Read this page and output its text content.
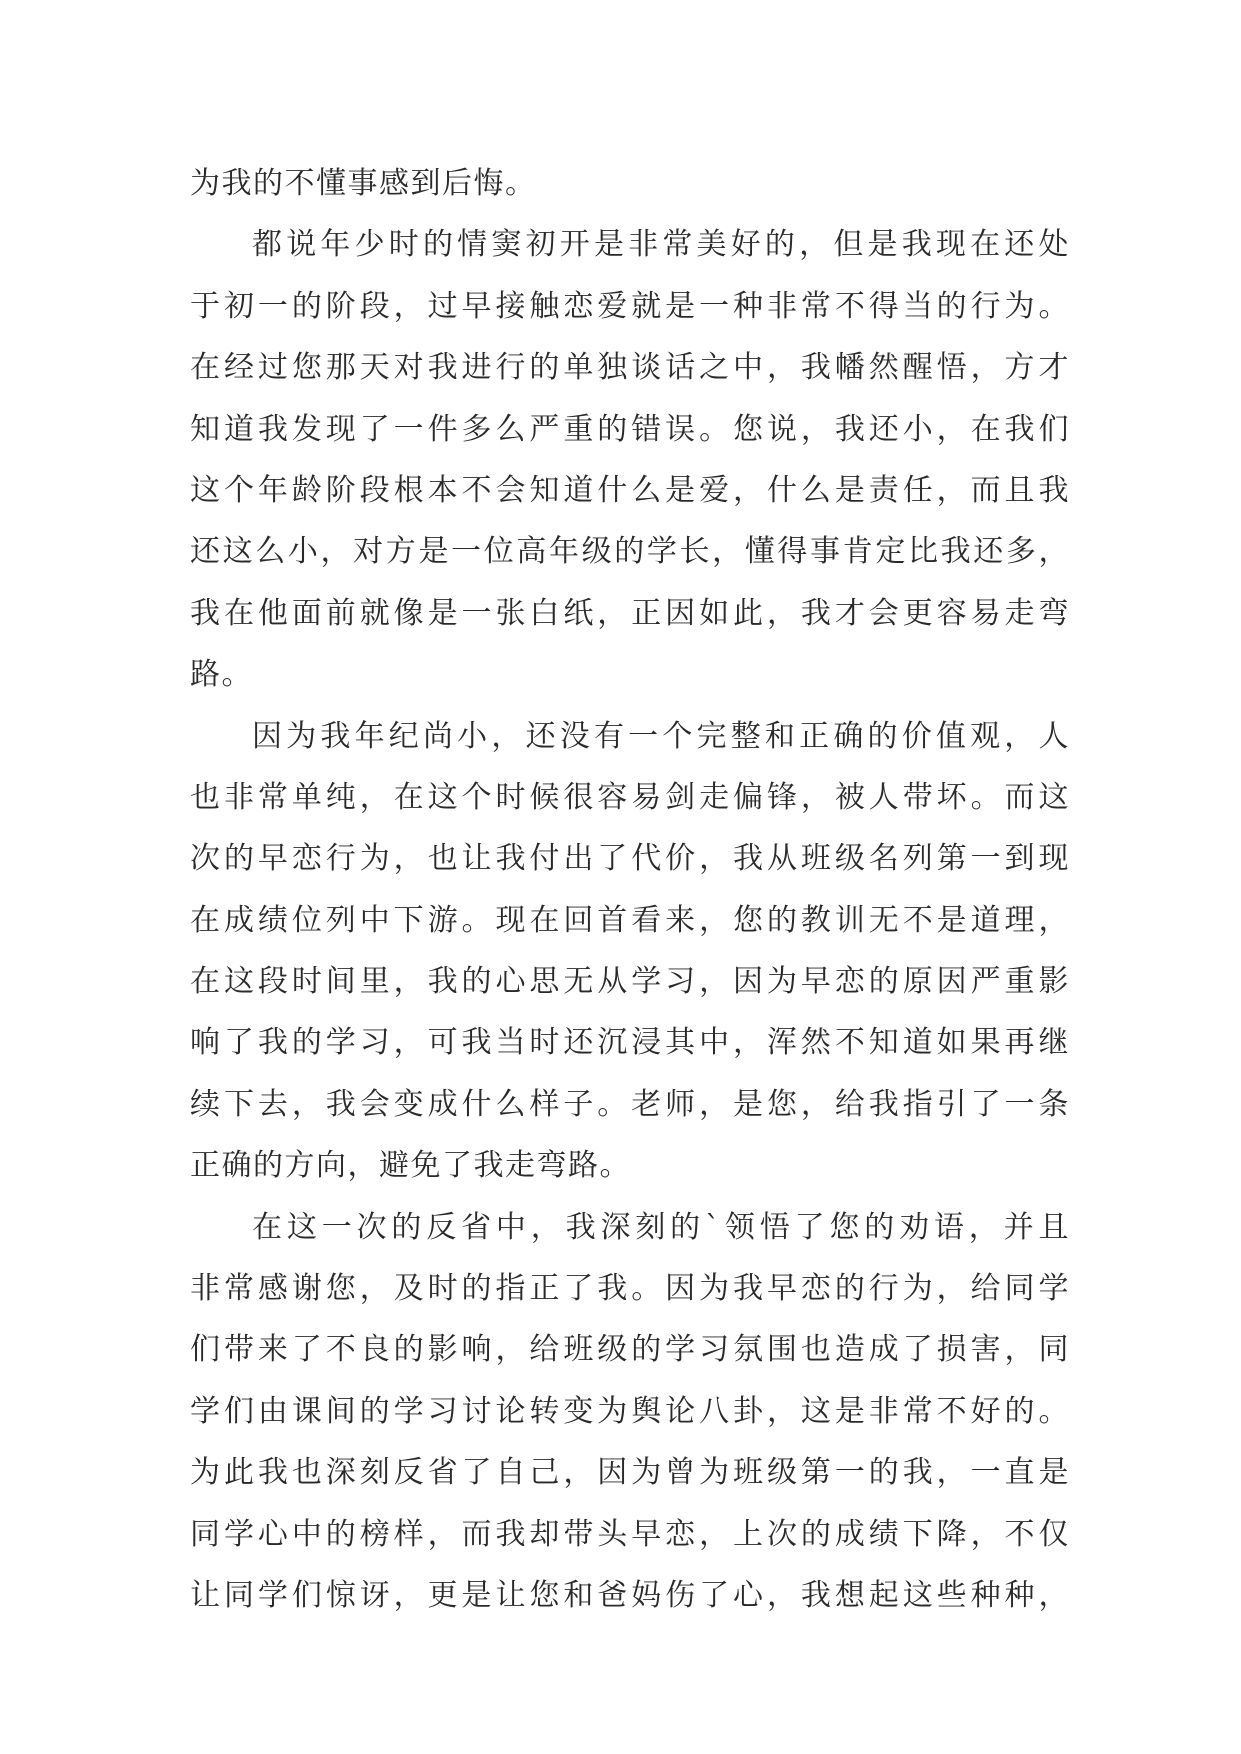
为我的不懂事感到后悔。
都说年少时的情窦初开是非常美好的，但是我现在还处
于初一的阶段，过早接触恋爱就是一种非常不得当的行为。
在经过您那天对我进行的单独谈话之中，我幡然醒悟，方才
知道我发现了一件多么严重的错误。您说，我还小，在我们
这个年龄阶段根本不会知道什么是爱，什么是责任，而且我
还这么小，对方是一位高年级的学长，懂得事肯定比我还多，
我在他面前就像是一张白纸，正因如此，我才会更容易走弯
路。
因为我年纪尚小，还没有一个完整和正确的价值观，人
也非常单纯，在这个时候很容易剑走偏锋，被人带坏。而这
次的早恋行为，也让我付出了代价，我从班级名列第一到现
在成绩位列中下游。现在回首看来，您的教训无不是道理，
在这段时间里，我的心思无从学习，因为早恋的原因严重影
响了我的学习，可我当时还沉浸其中，浑然不知道如果再继
续下去，我会变成什么样子。老师，是您，给我指引了一条
正确的方向，避免了我走弯路。
在这一次的反省中，我深刻的`领悟了您的劝语，并且
非常感谢您，及时的指正了我。因为我早恋的行为，给同学
们带来了不良的影响，给班级的学习氛围也造成了损害，同
学们由课间的学习讨论转变为舆论八卦，这是非常不好的。
为此我也深刻反省了自己，因为曾为班级第一的我，一直是
同学心中的榜样，而我却带头早恋，上次的成绩下降，不仅
让同学们惊讶，更是让您和爸妈伤了心，我想起这些种种，
